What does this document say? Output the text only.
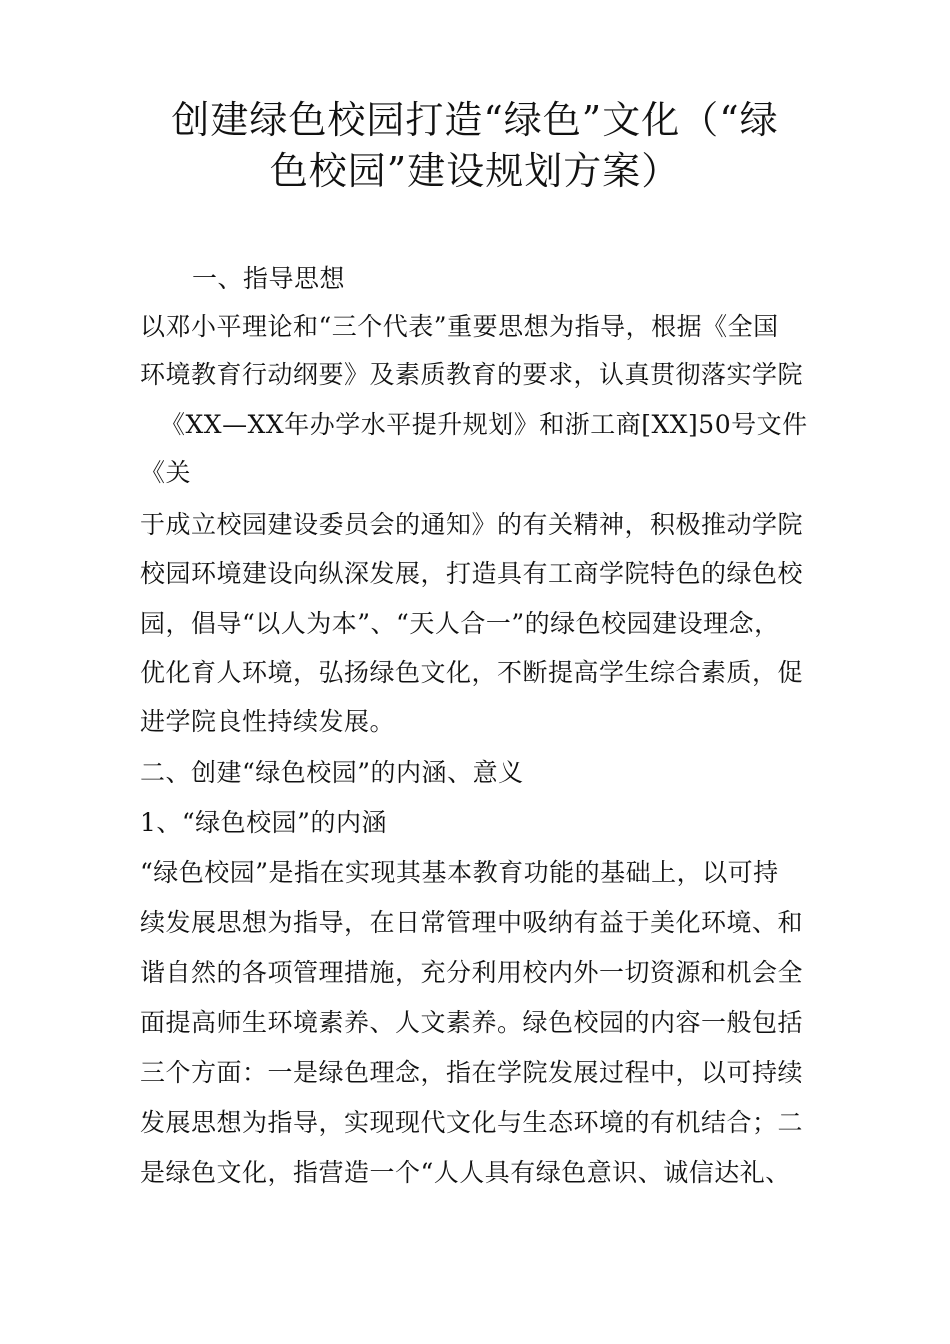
创建绿色校园打造“绿色”文化（“绿
色校园”建设规划方案）
一、指导思想
以邓小平理论和“三个代表”重要思想为指导，根据《全国
环境教育行动纲要》及素质教育的要求，认真贯彻落实学院
《XX—XX年办学水平提升规划》和浙工商[XX]50号文件
《关
于成立校园建设委员会的通知》的有关精神，积极推动学院
校园环境建设向纵深发展，打造具有工商学院特色的绿色校
园，倡导“以人为本”、“天人合一”的绿色校园建设理念，
优化育人环境，弘扬绿色文化，不断提高学生综合素质，促
进学院良性持续发展。
二、创建“绿色校园”的内涵、意义
1、“绿色校园”的内涵
“绿色校园”是指在实现其基本教育功能的基础上，以可持
续发展思想为指导，在日常管理中吸纳有益于美化环境、和
谐自然的各项管理措施，充分利用校内外一切资源和机会全
面提高师生环境素养、人文素养。绿色校园的内容一般包括
三个方面：一是绿色理念，指在学院发展过程中，以可持续
发展思想为指导，实现现代文化与生态环境的有机结合；二
是绿色文化，指营造一个“人人具有绿色意识、诚信达礼、
